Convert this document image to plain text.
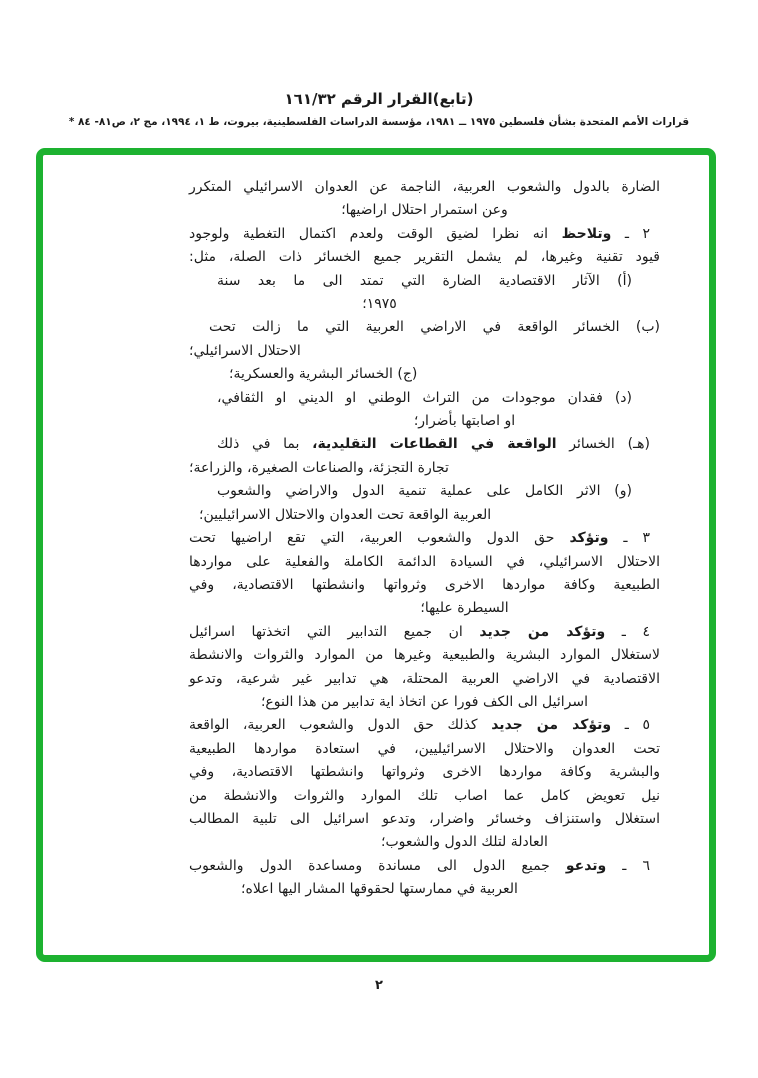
(تابع)القرار الرقم ١٦١/٣٢
قرارات الأمم المتحدة بشأن فلسطين ١٩٧٥ ــ ١٩٨١، مؤسسة الدراسات الفلسطينية، بيروت، ط ١، ١٩٩٤، مج ٢، ص٨١- ٨٤ *
الضارة بالدول والشعوب العربية، الناجمة عن العدوان الاسرائيلي المتكرر
وعن استمرار احتلال اراضيها؛
٢ ـ وتلاحظ انه نظرا لضيق الوقت ولعدم اكتمال التغطية ولوجود
قيود تقنية وغيرها، لم يشمل التقرير جميع الخسائر ذات الصلة، مثل:
(أ) الآثار الاقتصادية الضارة التي تمتد الى ما بعد سنة
١٩٧٥؛
(ب) الخسائر الواقعة في الاراضي العربية التي ما زالت تحت
الاحتلال الاسرائيلي؛
(ج) الخسائر البشرية والعسكرية؛
(د) فقدان موجودات من التراث الوطني او الديني او الثقافي،
او اصابتها بأضرار؛
(هـ) الخسائر الواقعة في القطاعات التقليدية، بما في ذلك
تجارة التجزئة، والصناعات الصغيرة، والزراعة؛
(و) الاثر الكامل على عملية تنمية الدول والاراضي والشعوب
العربية الواقعة تحت العدوان والاحتلال الاسرائيليين؛
٣ ـ وتؤكد حق الدول والشعوب العربية، التي تقع اراضيها تحت
الاحتلال الاسرائيلي، في السيادة الدائمة الكاملة والفعلية على مواردها
الطبيعية وكافة مواردها الاخرى وثرواتها وانشطتها الاقتصادية، وفي
السيطرة عليها؛
٤ ـ وتؤكد من جديد ان جميع التدابير التي اتخذتها اسرائيل
لاستغلال الموارد البشرية والطبيعية وغيرها من الموارد والثروات والانشطة
الاقتصادية في الاراضي العربية المحتلة، هي تدابير غير شرعية، وتدعو
اسرائيل الى الكف فورا عن اتخاذ اية تدابير من هذا النوع؛
٥ ـ وتؤكد من جديد كذلك حق الدول والشعوب العربية، الواقعة
تحت العدوان والاحتلال الاسرائيليين، في استعادة مواردها الطبيعية
والبشرية وكافة مواردها الاخرى وثرواتها وانشطتها الاقتصادية، وفي
نيل تعويض كامل عما اصاب تلك الموارد والثروات والانشطة من
استغلال واستنزاف وخسائر واضرار، وتدعو اسرائيل الى تلبية المطالب
العادلة لتلك الدول والشعوب؛
٦ ـ وتدعو جميع الدول الى مساندة ومساعدة الدول والشعوب
العربية في ممارستها لحقوقها المشار اليها اعلاه؛
٢
